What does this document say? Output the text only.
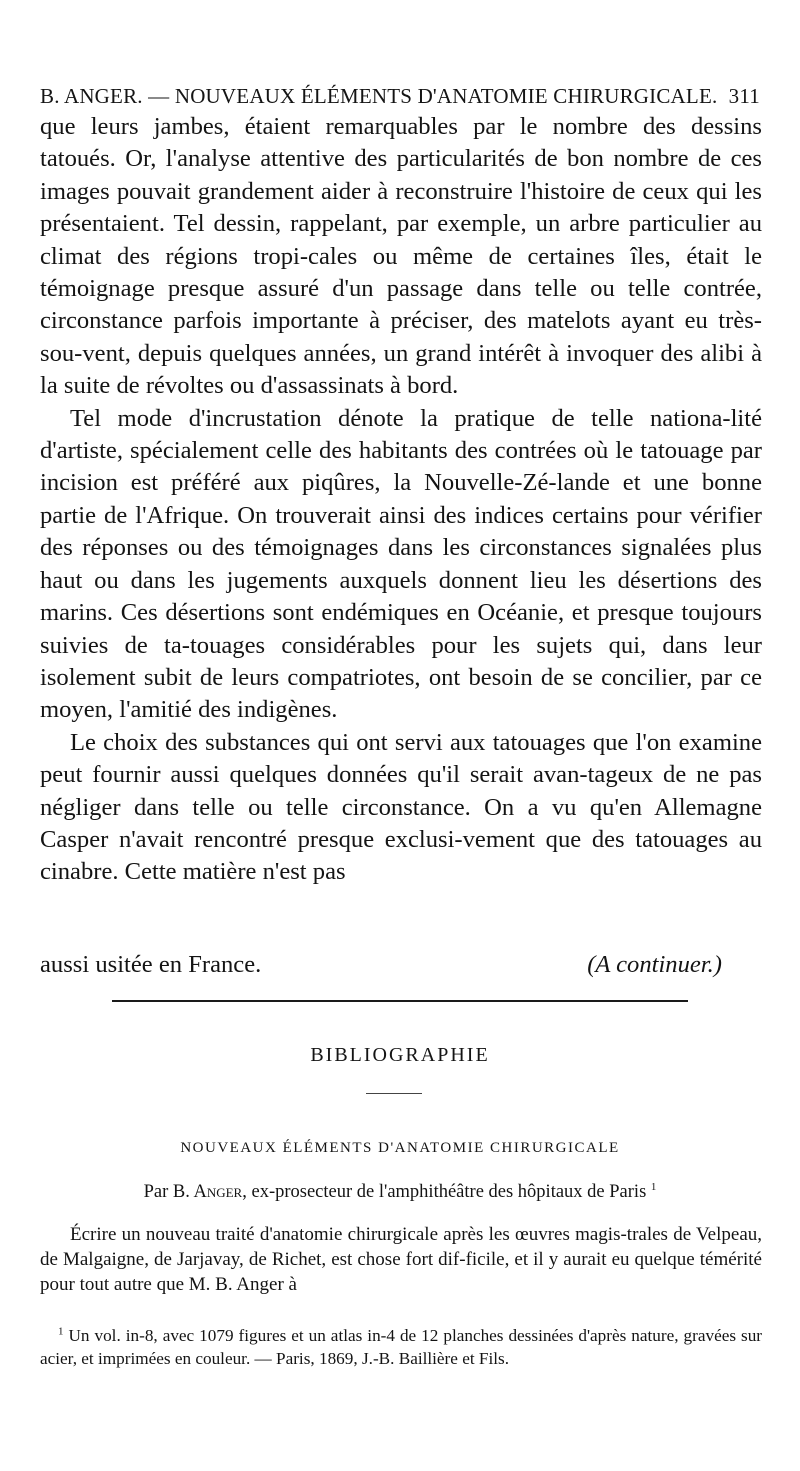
B. ANGER. — NOUVEAUX ÉLÉMENTS D'ANATOMIE CHIRURGICALE. 311

que leurs jambes, étaient remarquables par le nombre des dessins tatoués. Or, l'analyse attentive des particularités de bon nombre de ces images pouvait grandement aider à reconstruire l'histoire de ceux qui les présentaient. Tel dessin, rappelant, par exemple, un arbre particulier au climat des régions tropi-cales ou même de certaines îles, était le témoignage presque assuré d'un passage dans telle ou telle contrée, circonstance parfois importante à préciser, des matelots ayant eu très-sou-vent, depuis quelques années, un grand intérêt à invoquer des alibi à la suite de révoltes ou d'assassinats à bord.

Tel mode d'incrustation dénote la pratique de telle nationa-lité d'artiste, spécialement celle des habitants des contrées où le tatouage par incision est préféré aux piqûres, la Nouvelle-Zé-lande et une bonne partie de l'Afrique. On trouverait ainsi des indices certains pour vérifier des réponses ou des témoignages dans les circonstances signalées plus haut ou dans les jugements auxquels donnent lieu les désertions des marins. Ces désertions sont endémiques en Océanie, et presque toujours suivies de ta-touages considérables pour les sujets qui, dans leur isolement subit de leurs compatriotes, ont besoin de se concilier, par ce moyen, l'amitié des indigènes.

Le choix des substances qui ont servi aux tatouages que l'on examine peut fournir aussi quelques données qu'il serait avan-tageux de ne pas négliger dans telle ou telle circonstance. On a vu qu'en Allemagne Casper n'avait rencontré presque exclusi-vement que des tatouages au cinabre. Cette matière n'est pas

aussi usitée en France.	(A continuer.)
BIBLIOGRAPHIE
NOUVEAUX ÉLÉMENTS D'ANATOMIE CHIRURGICALE
Par B. Anger, ex-prosecteur de l'amphithéâtre des hôpitaux de Paris $^1$

Écrire un nouveau traité d'anatomie chirurgicale après les œuvres magis-trales de Velpeau, de Malgaigne, de Jarjavay, de Richet, est chose fort dif-ficile, et il y aurait eu quelque témérité pour tout autre que M. B. Anger à

$^1$ Un vol. in-8, avec 1079 figures et un atlas in-4 de 12 planches dessinées d'après nature, gravées sur acier, et imprimées en couleur. — Paris, 1869, J.-B. Baillière et Fils.
